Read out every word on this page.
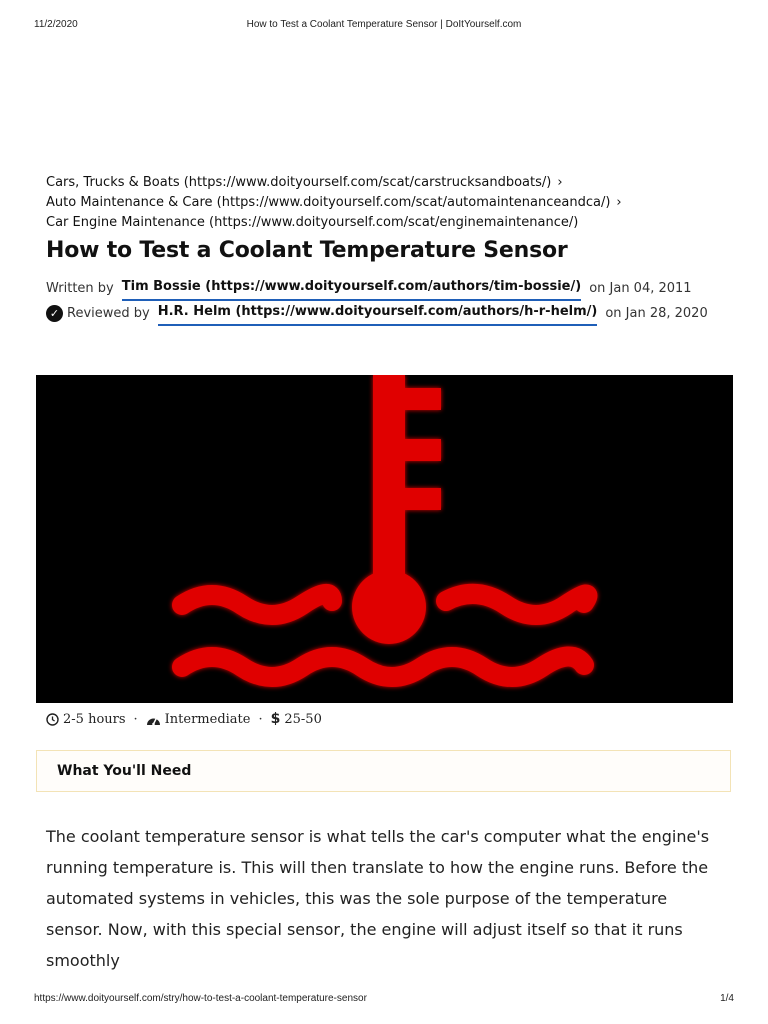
11/2/2020	How to Test a Coolant Temperature Sensor | DoItYourself.com
Cars, Trucks & Boats (https://www.doityourself.com/scat/carstrucksandboats/) ›
Auto Maintenance & Care (https://www.doityourself.com/scat/automaintenanceandca/) ›
Car Engine Maintenance (https://www.doityourself.com/scat/enginemaintenance/)
How to Test a Coolant Temperature Sensor
Written by Tim Bossie (https://www.doityourself.com/authors/tim-bossie/) on Jan 04, 2011
✓ Reviewed by H.R. Helm (https://www.doityourself.com/authors/h-r-helm/) on Jan 28, 2020
2-5 hours · Intermediate · $ 25-50
What You'll Need

The coolant temperature sensor is what tells the car's computer what the engine's running temperature is. This will then translate to how the engine runs. Before the automated systems in vehicles, this was the sole purpose of the temperature sensor. Now, with this special sensor, the engine will adjust itself so that it runs smoothly

https://www.doityourself.com/stry/how-to-test-a-coolant-temperature-sensor	1/4
